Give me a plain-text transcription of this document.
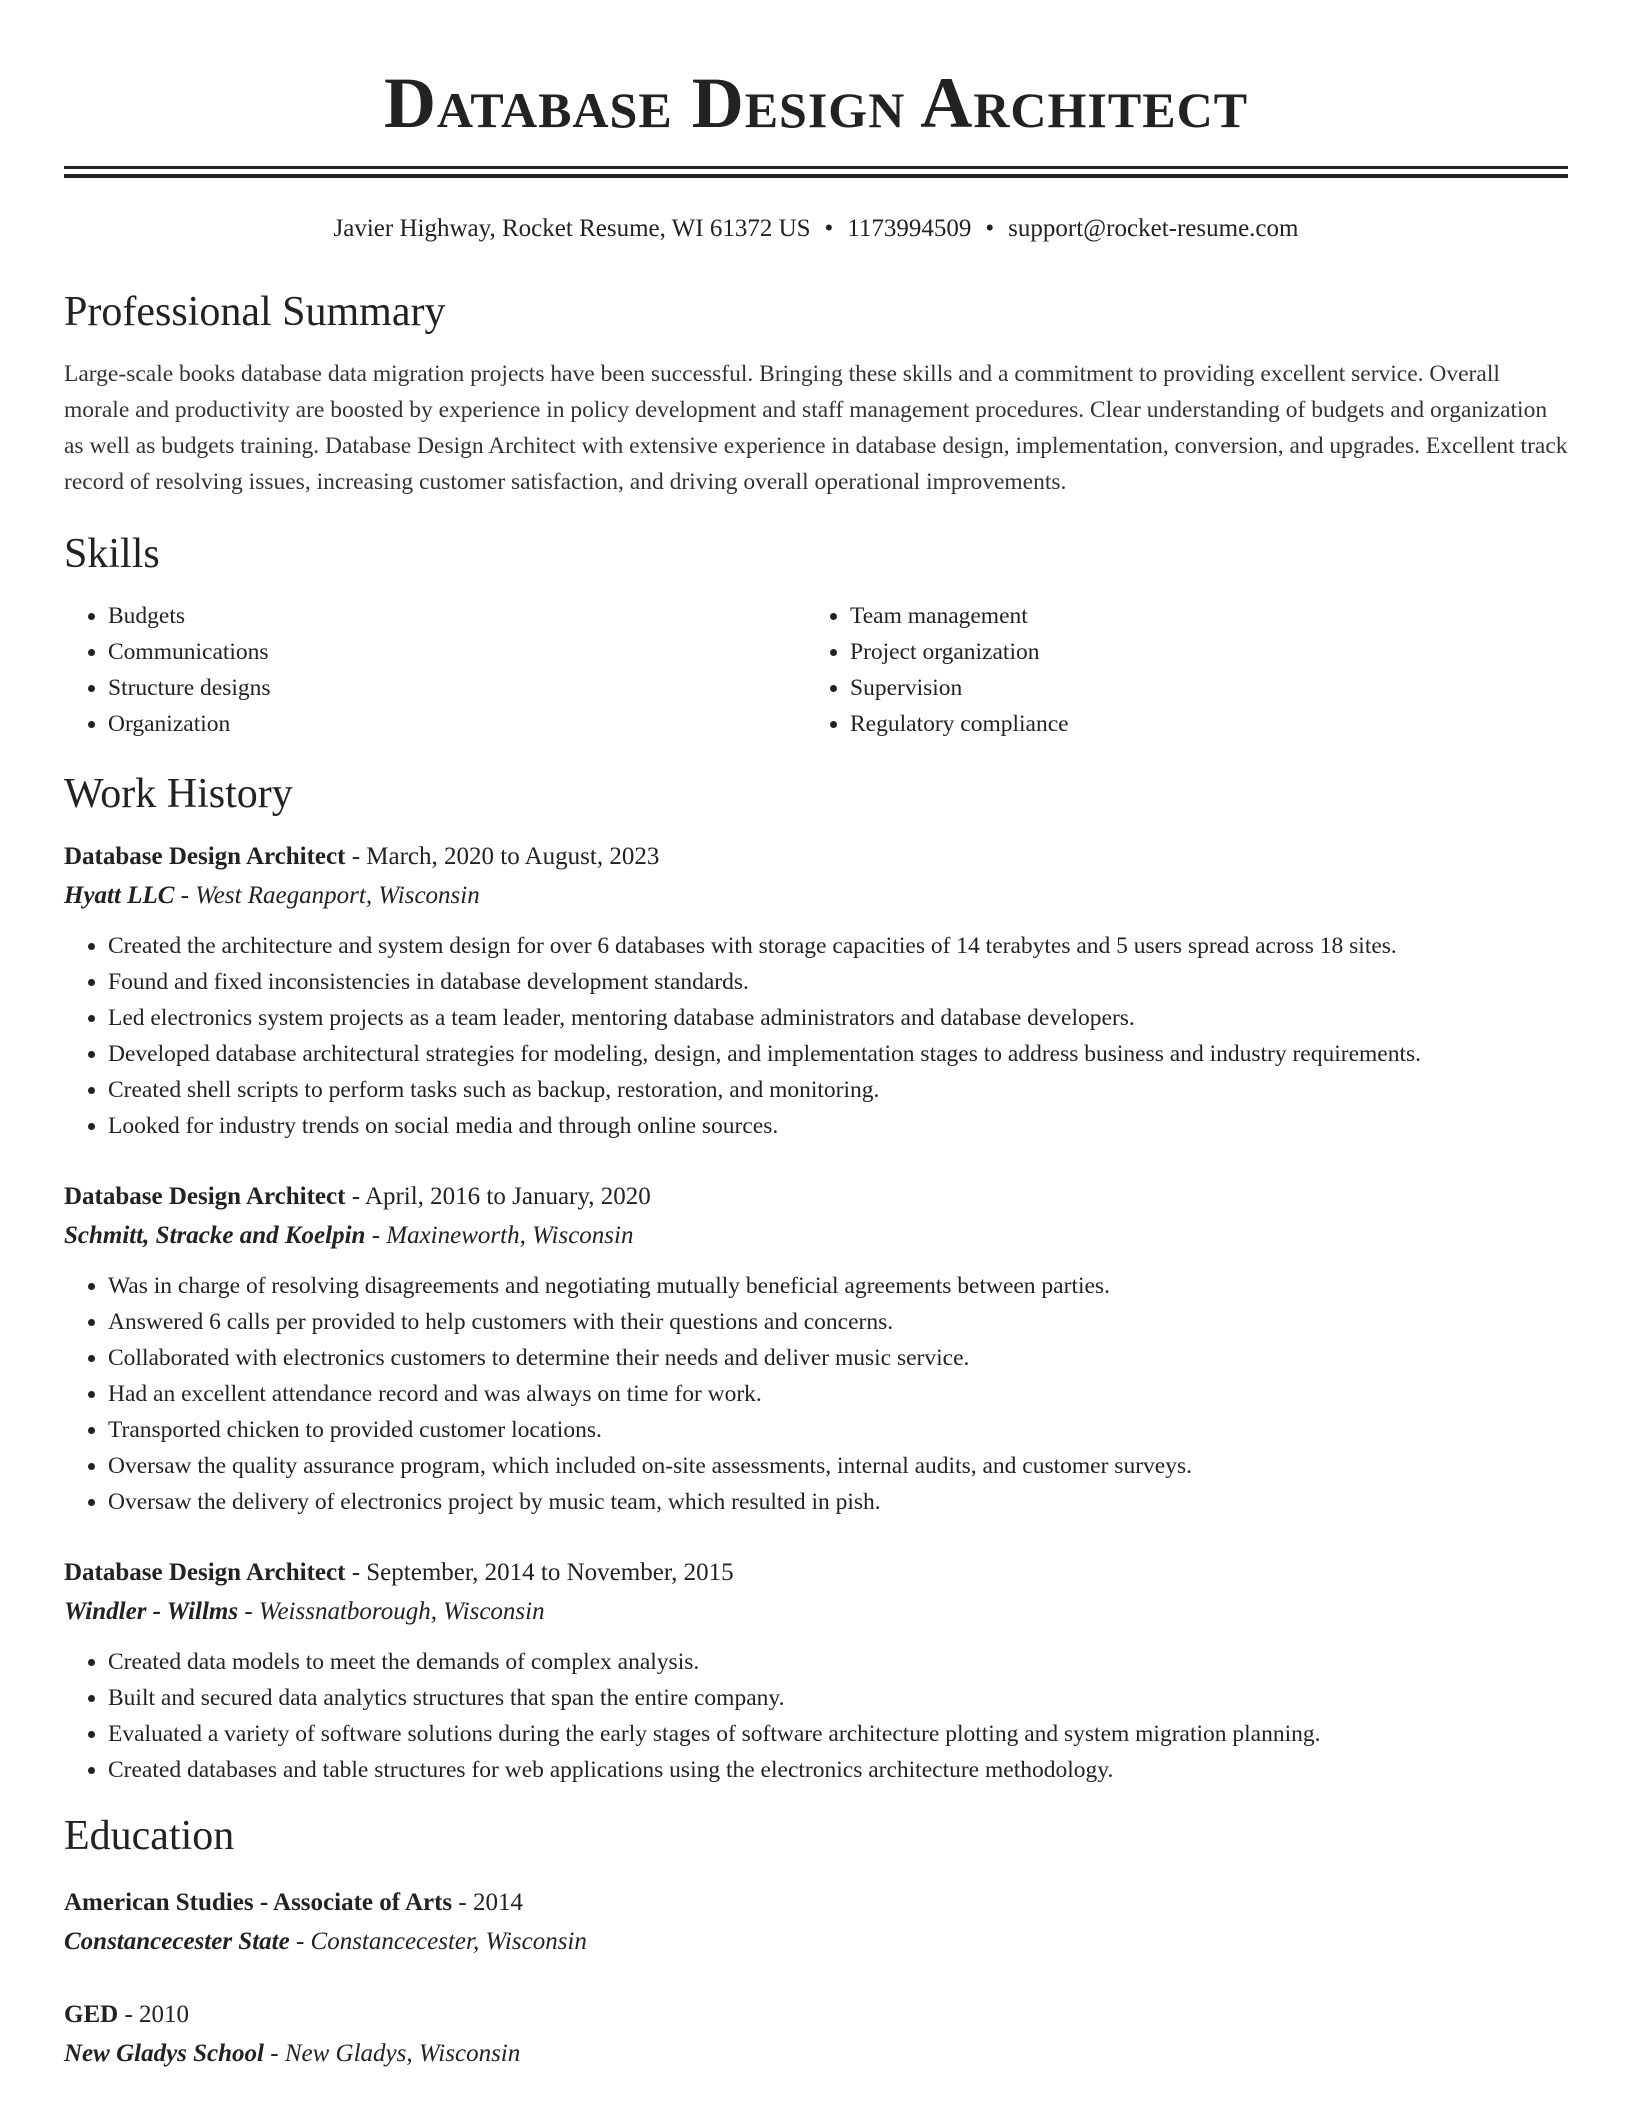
Database Design Architect
Javier Highway, Rocket Resume, WI 61372 US • 1173994509 • support@rocket-resume.com
Professional Summary

Large-scale books database data migration projects have been successful. Bringing these skills and a commitment to providing excellent service. Overall morale and productivity are boosted by experience in policy development and staff management procedures. Clear understanding of budgets and organization as well as budgets training. Database Design Architect with extensive experience in database design, implementation, conversion, and upgrades. Excellent track record of resolving issues, increasing customer satisfaction, and driving overall operational improvements.

Skills
• Budgets
• Communications
• Structure designs
• Organization
• Team management
• Project organization
• Supervision
• Regulatory compliance
Work History
Database Design Architect - March, 2020 to August, 2023
Hyatt LLC - West Raeganport, Wisconsin
• Created the architecture and system design for over 6 databases with storage capacities of 14 terabytes and 5 users spread across 18 sites.
• Found and fixed inconsistencies in database development standards.
• Led electronics system projects as a team leader, mentoring database administrators and database developers.
• Developed database architectural strategies for modeling, design, and implementation stages to address business and industry requirements.
• Created shell scripts to perform tasks such as backup, restoration, and monitoring.
• Looked for industry trends on social media and through online sources.
Database Design Architect - April, 2016 to January, 2020
Schmitt, Stracke and Koelpin - Maxineworth, Wisconsin
• Was in charge of resolving disagreements and negotiating mutually beneficial agreements between parties.
• Answered 6 calls per provided to help customers with their questions and concerns.
• Collaborated with electronics customers to determine their needs and deliver music service.
• Had an excellent attendance record and was always on time for work.
• Transported chicken to provided customer locations.
• Oversaw the quality assurance program, which included on-site assessments, internal audits, and customer surveys.
• Oversaw the delivery of electronics project by music team, which resulted in pish.
Database Design Architect - September, 2014 to November, 2015
Windler - Willms - Weissnatborough, Wisconsin
• Created data models to meet the demands of complex analysis.
• Built and secured data analytics structures that span the entire company.
• Evaluated a variety of software solutions during the early stages of software architecture plotting and system migration planning.
• Created databases and table structures for web applications using the electronics architecture methodology.
Education
American Studies - Associate of Arts - 2014
Constancecester State - Constancecester, Wisconsin
GED - 2010
New Gladys School - New Gladys, Wisconsin
